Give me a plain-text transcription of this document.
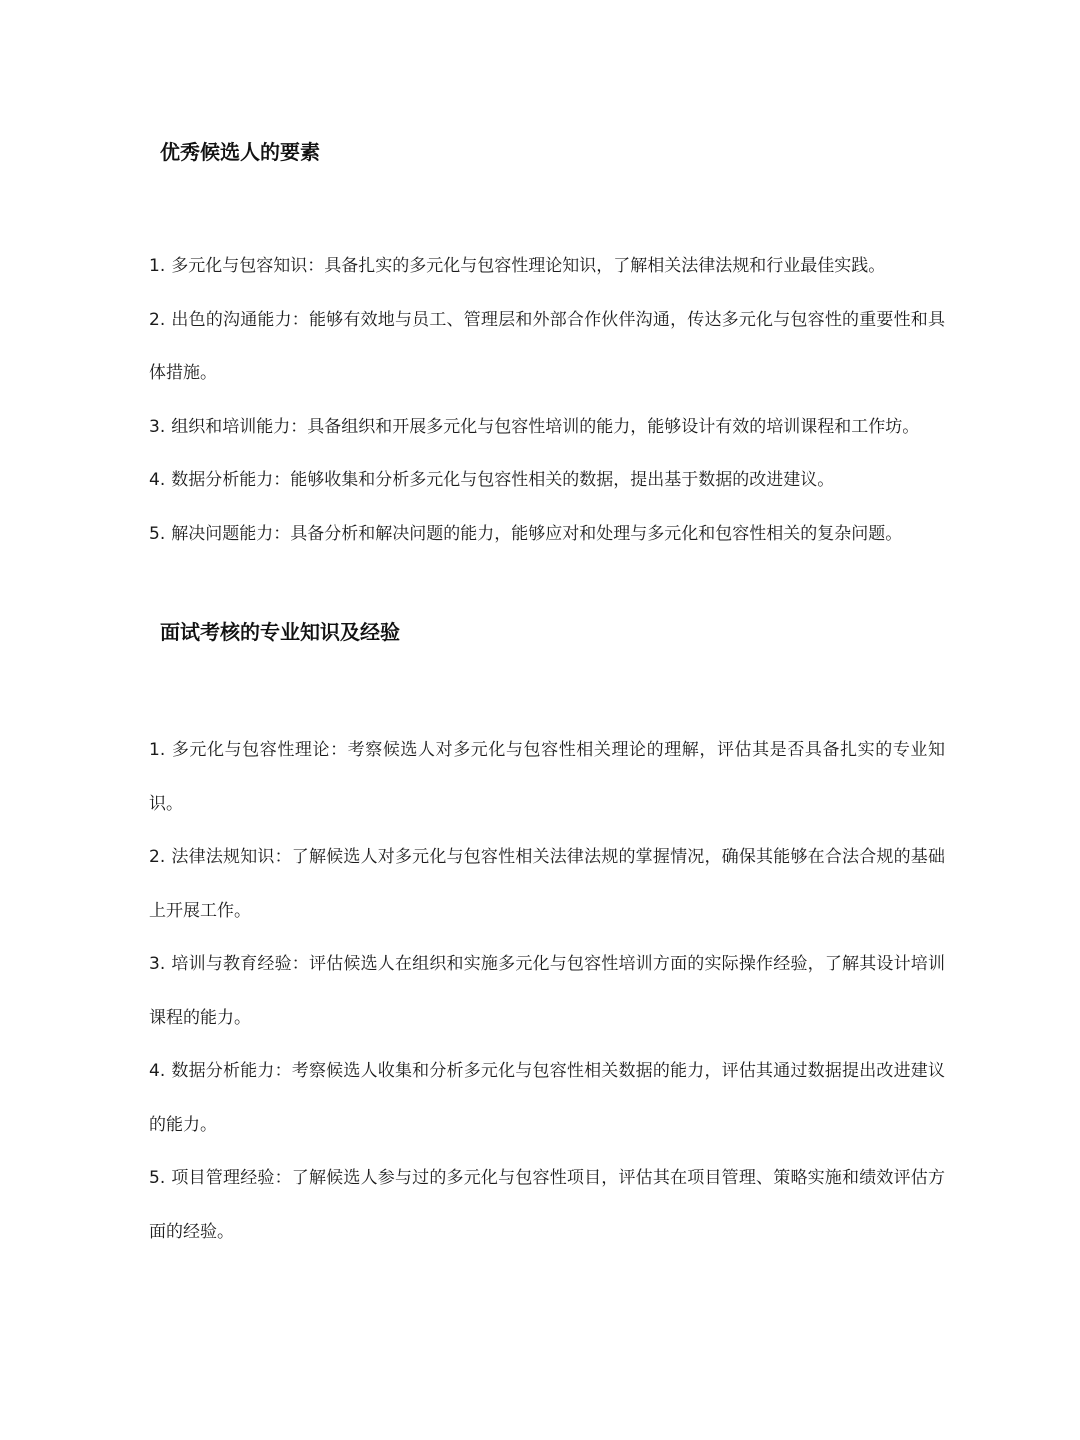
优秀候选人的要素
1. 多元化与包容知识：具备扎实的多元化与包容性理论知识，了解相关法律法规和行业最佳实践。
2. 出色的沟通能力：能够有效地与员工、管理层和外部合作伙伴沟通，传达多元化与包容性的重要性和具体措施。
3. 组织和培训能力：具备组织和开展多元化与包容性培训的能力，能够设计有效的培训课程和工作坊。
4. 数据分析能力：能够收集和分析多元化与包容性相关的数据，提出基于数据的改进建议。
5. 解决问题能力：具备分析和解决问题的能力，能够应对和处理与多元化和包容性相关的复杂问题。
面试考核的专业知识及经验
1. 多元化与包容性理论：考察候选人对多元化与包容性相关理论的理解，评估其是否具备扎实的专业知识。
2. 法律法规知识：了解候选人对多元化与包容性相关法律法规的掌握情况，确保其能够在合法合规的基础上开展工作。
3. 培训与教育经验：评估候选人在组织和实施多元化与包容性培训方面的实际操作经验，了解其设计培训课程的能力。
4. 数据分析能力：考察候选人收集和分析多元化与包容性相关数据的能力，评估其通过数据提出改进建议的能力。
5. 项目管理经验：了解候选人参与过的多元化与包容性项目，评估其在项目管理、策略实施和绩效评估方面的经验。
